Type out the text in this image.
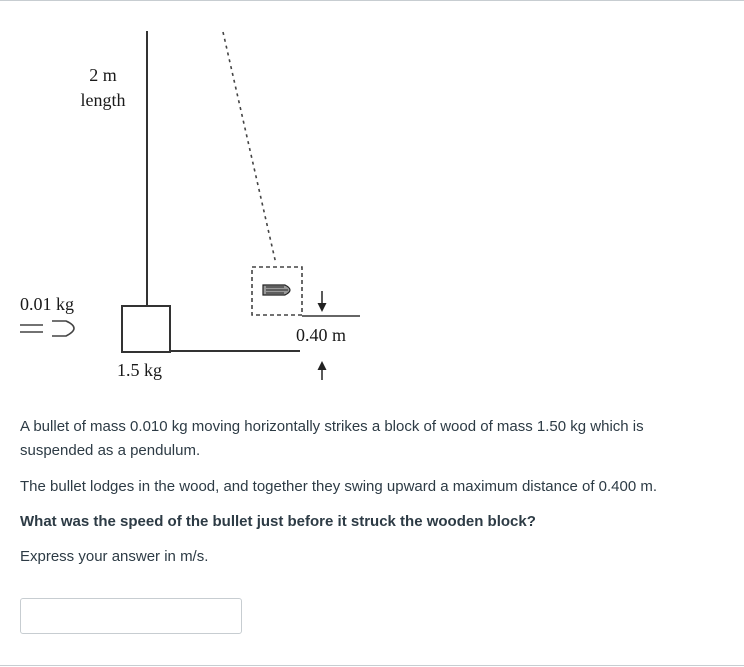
2 m
length
0.01 kg
1.5 kg
0.40 m

A bullet of mass 0.010 kg moving horizontally strikes a block of wood of mass 1.50 kg which is suspended as a pendulum.

The bullet lodges in the wood, and together they swing upward a maximum distance of 0.400 m.

What was the speed of the bullet just before it struck the wooden block?

Express your answer in m/s.
